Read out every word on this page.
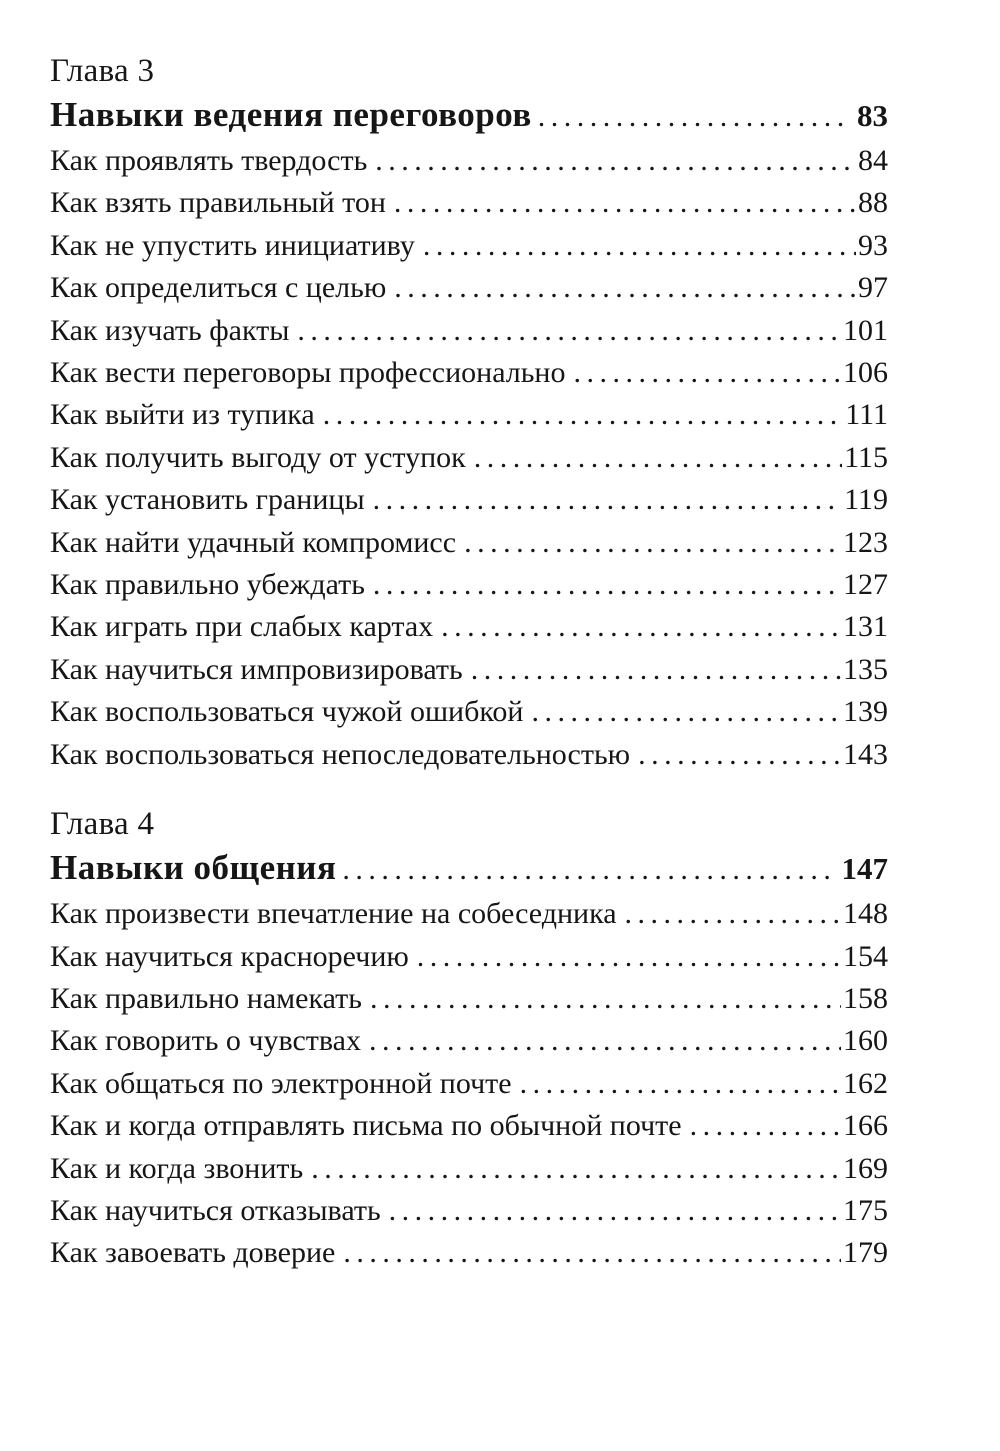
Глава 3
Навыки ведения переговоров .....	83
Как проявлять твердость .....	84
Как взять правильный тон .....	88
Как не упустить инициативу .....	93
Как определиться с целью .....	97
Как изучать факты .....	101
Как вести переговоры профессионально .....	106
Как выйти из тупика .....	111
Как получить выгоду от уступок .....	115
Как установить границы .....	119
Как найти удачный компромисс .....	123
Как правильно убеждать .....	127
Как играть при слабых картах .....	131
Как научиться импровизировать .....	135
Как воспользоваться чужой ошибкой .....	139
Как воспользоваться непоследовательностью .....	143
Глава 4
Навыки общения .....	147
Как произвести впечатление на собеседника .....	148
Как научиться красноречию .....	154
Как правильно намекать .....	158
Как говорить о чувствах .....	160
Как общаться по электронной почте .....	162
Как и когда отправлять письма по обычной почте .....	166
Как и когда звонить .....	169
Как научиться отказывать .....	175
Как завоевать доверие .....	179
